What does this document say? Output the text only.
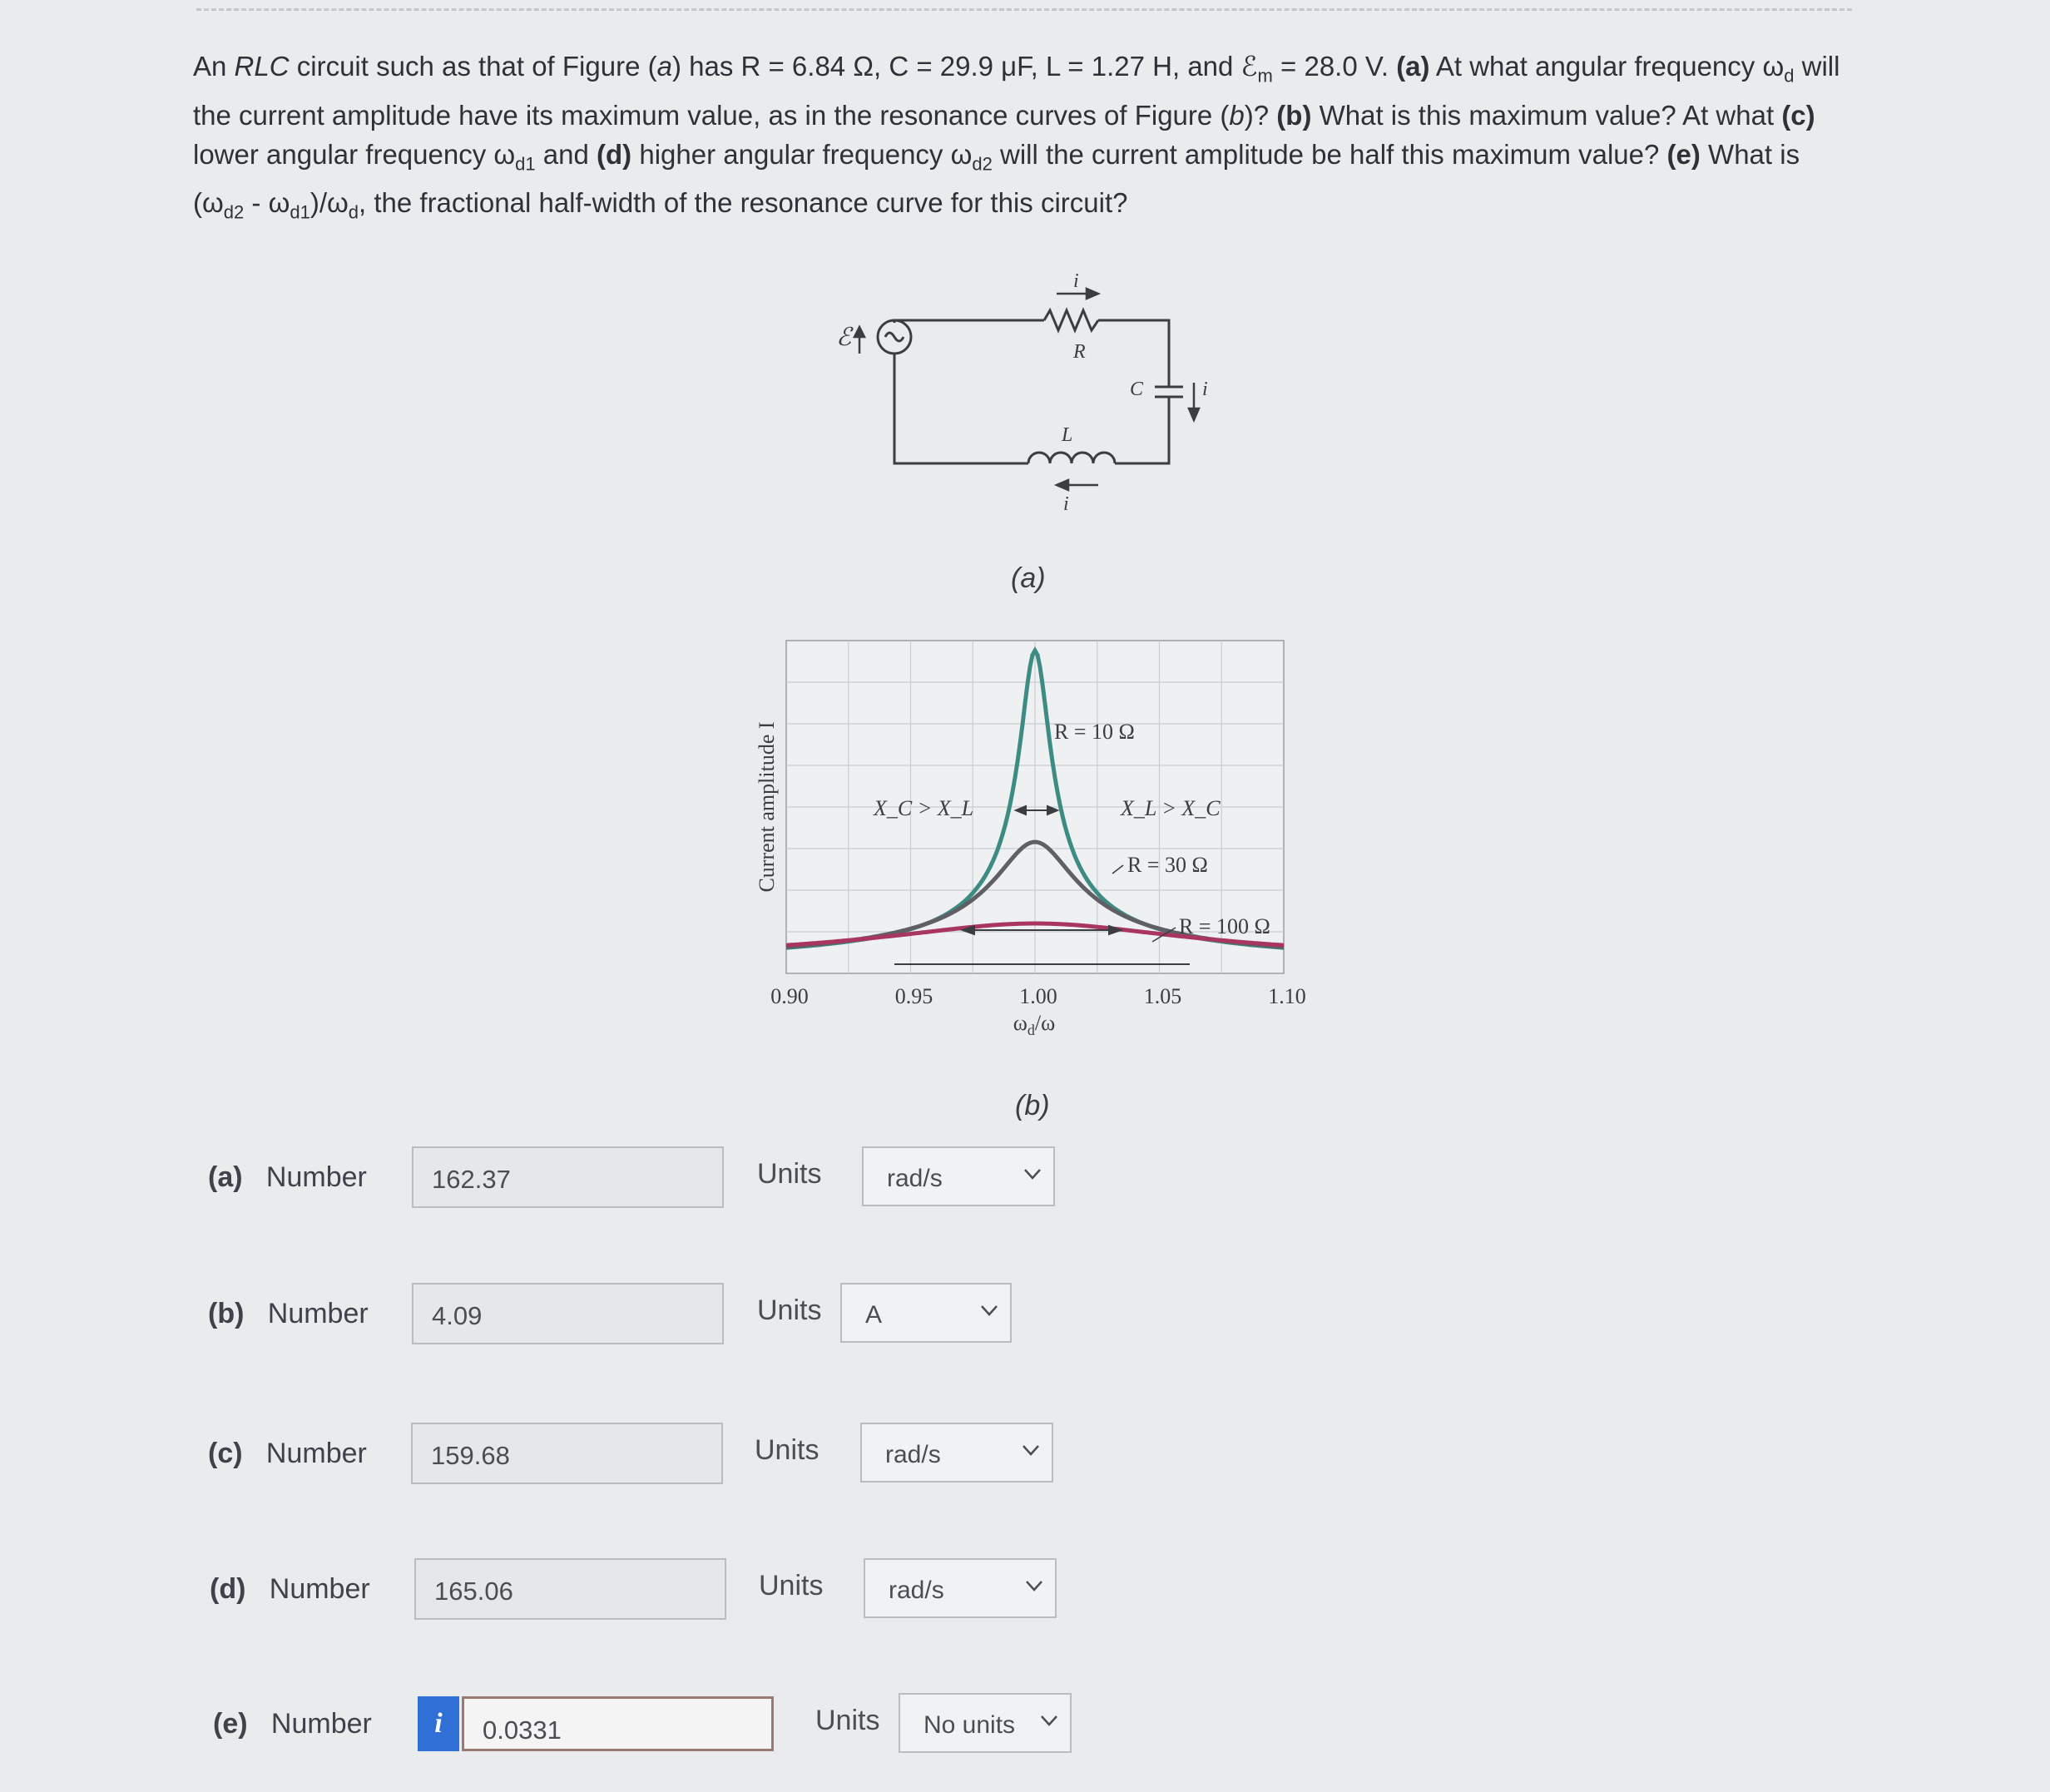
An RLC circuit such as that of Figure (a) has R = 6.84 Ω, C = 29.9 μF, L = 1.27 H, and ℰ$_m$ = 28.0 V. (a) At what angular frequency $\omega_d$ will

the current amplitude have its maximum value, as in the resonance curves of Figure (b)? (b) What is this maximum value? At what (c)

lower angular frequency $\omega_{d1}$ and (d) higher angular frequency $\omega_{d2}$ will the current amplitude be half this maximum value? (e) What is

$(\omega_{d2} - \omega_{d1})/\omega_d$, the fractional half-width of the resonance curve for this circuit?

i
R
C	i
L
i
ℰ
(a)
R = 10 Ω
R = 30 Ω
R = 100 Ω
X_C > X_L	X_L > X_C
0.90	0.95	1.00	1.05	1.10
$\omega_d/\omega$
Current amplitude I
(b)
(a) Number	162.37	Units	rad/s
(b) Number	4.09	Units	A
(c) Number	159.68	Units	rad/s
(d) Number	165.06	Units	rad/s
(e) Number	i	0.0331	Units	No units
